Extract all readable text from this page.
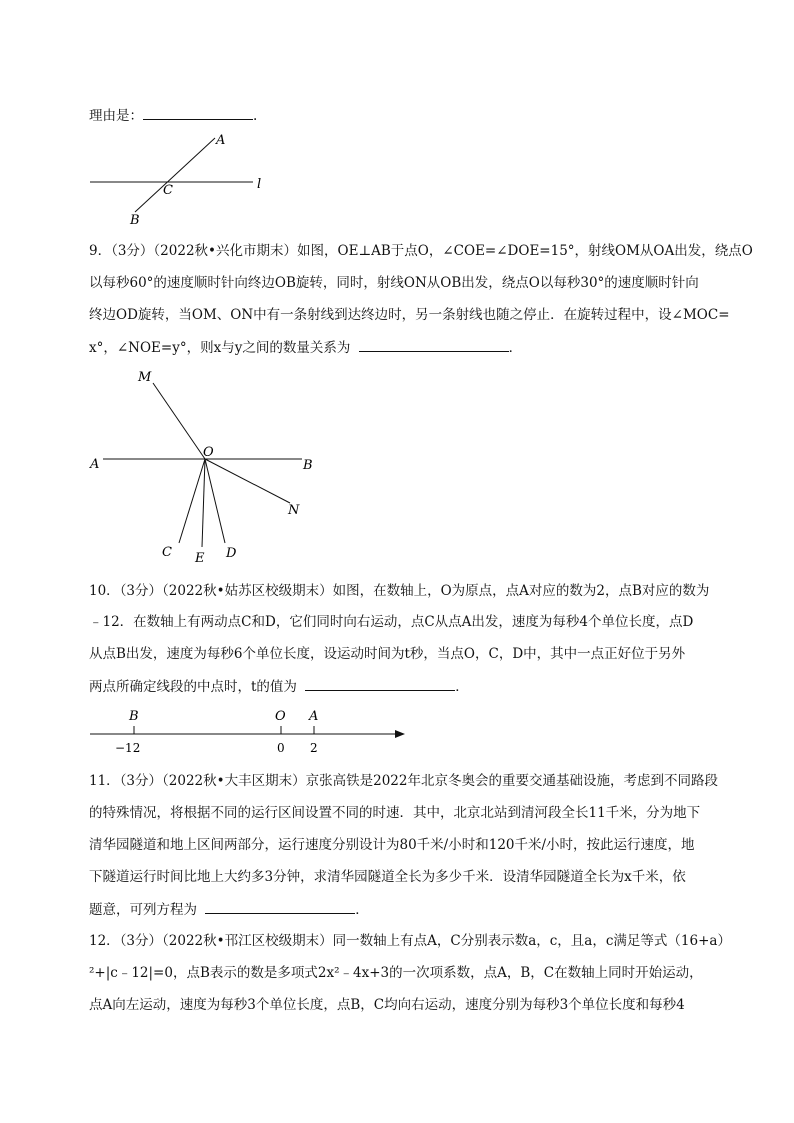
理由是：	.
A
C	l
B
9．（3分）（2022秋•兴化市期末）如图，OE⊥AB于点O，∠COE=∠DOE=15°，射线OM从OA出发，绕点O
以每秒60°的速度顺时针向终边OB旋转，同时，射线ON从OB出发，绕点O以每秒30°的速度顺时针向
终边OD旋转，当OM、ON中有一条射线到达终边时，另一条射线也随之停止．在旋转过程中，设∠MOC=
x°，∠NOE=y°，则x与y之间的数量关系为	．
M
O
A	B
N
C E D
10．（3分）（2022秋•姑苏区校级期末）如图，在数轴上，O为原点，点A对应的数为2，点B对应的数为
﹣12．在数轴上有两动点C和D，它们同时向右运动，点C从点A出发，速度为每秒4个单位长度，点D
从点B出发，速度为每秒6个单位长度，设运动时间为t秒，当点O，C，D中，其中一点正好位于另外
两点所确定线段的中点时，t的值为	．
B	O A
−12	0 2
11．（3分）（2022秋•大丰区期末）京张高铁是2022年北京冬奥会的重要交通基础设施，考虑到不同路段
的特殊情况，将根据不同的运行区间设置不同的时速．其中，北京北站到清河段全长11千米，分为地下
清华园隧道和地上区间两部分，运行速度分别设计为80千米/小时和120千米/小时，按此运行速度，地
下隧道运行时间比地上大约多3分钟，求清华园隧道全长为多少千米．设清华园隧道全长为x千米，依
题意，可列方程为	．
12．（3分）（2022秋•邗江区校级期末）同一数轴上有点A，C分别表示数a，c，且a，c满足等式（16+a）
²+|c﹣12|=0，点B表示的数是多项式2x²﹣4x+3的一次项系数，点A，B，C在数轴上同时开始运动，
点A向左运动，速度为每秒3个单位长度，点B，C均向右运动，速度分别为每秒3个单位长度和每秒4
